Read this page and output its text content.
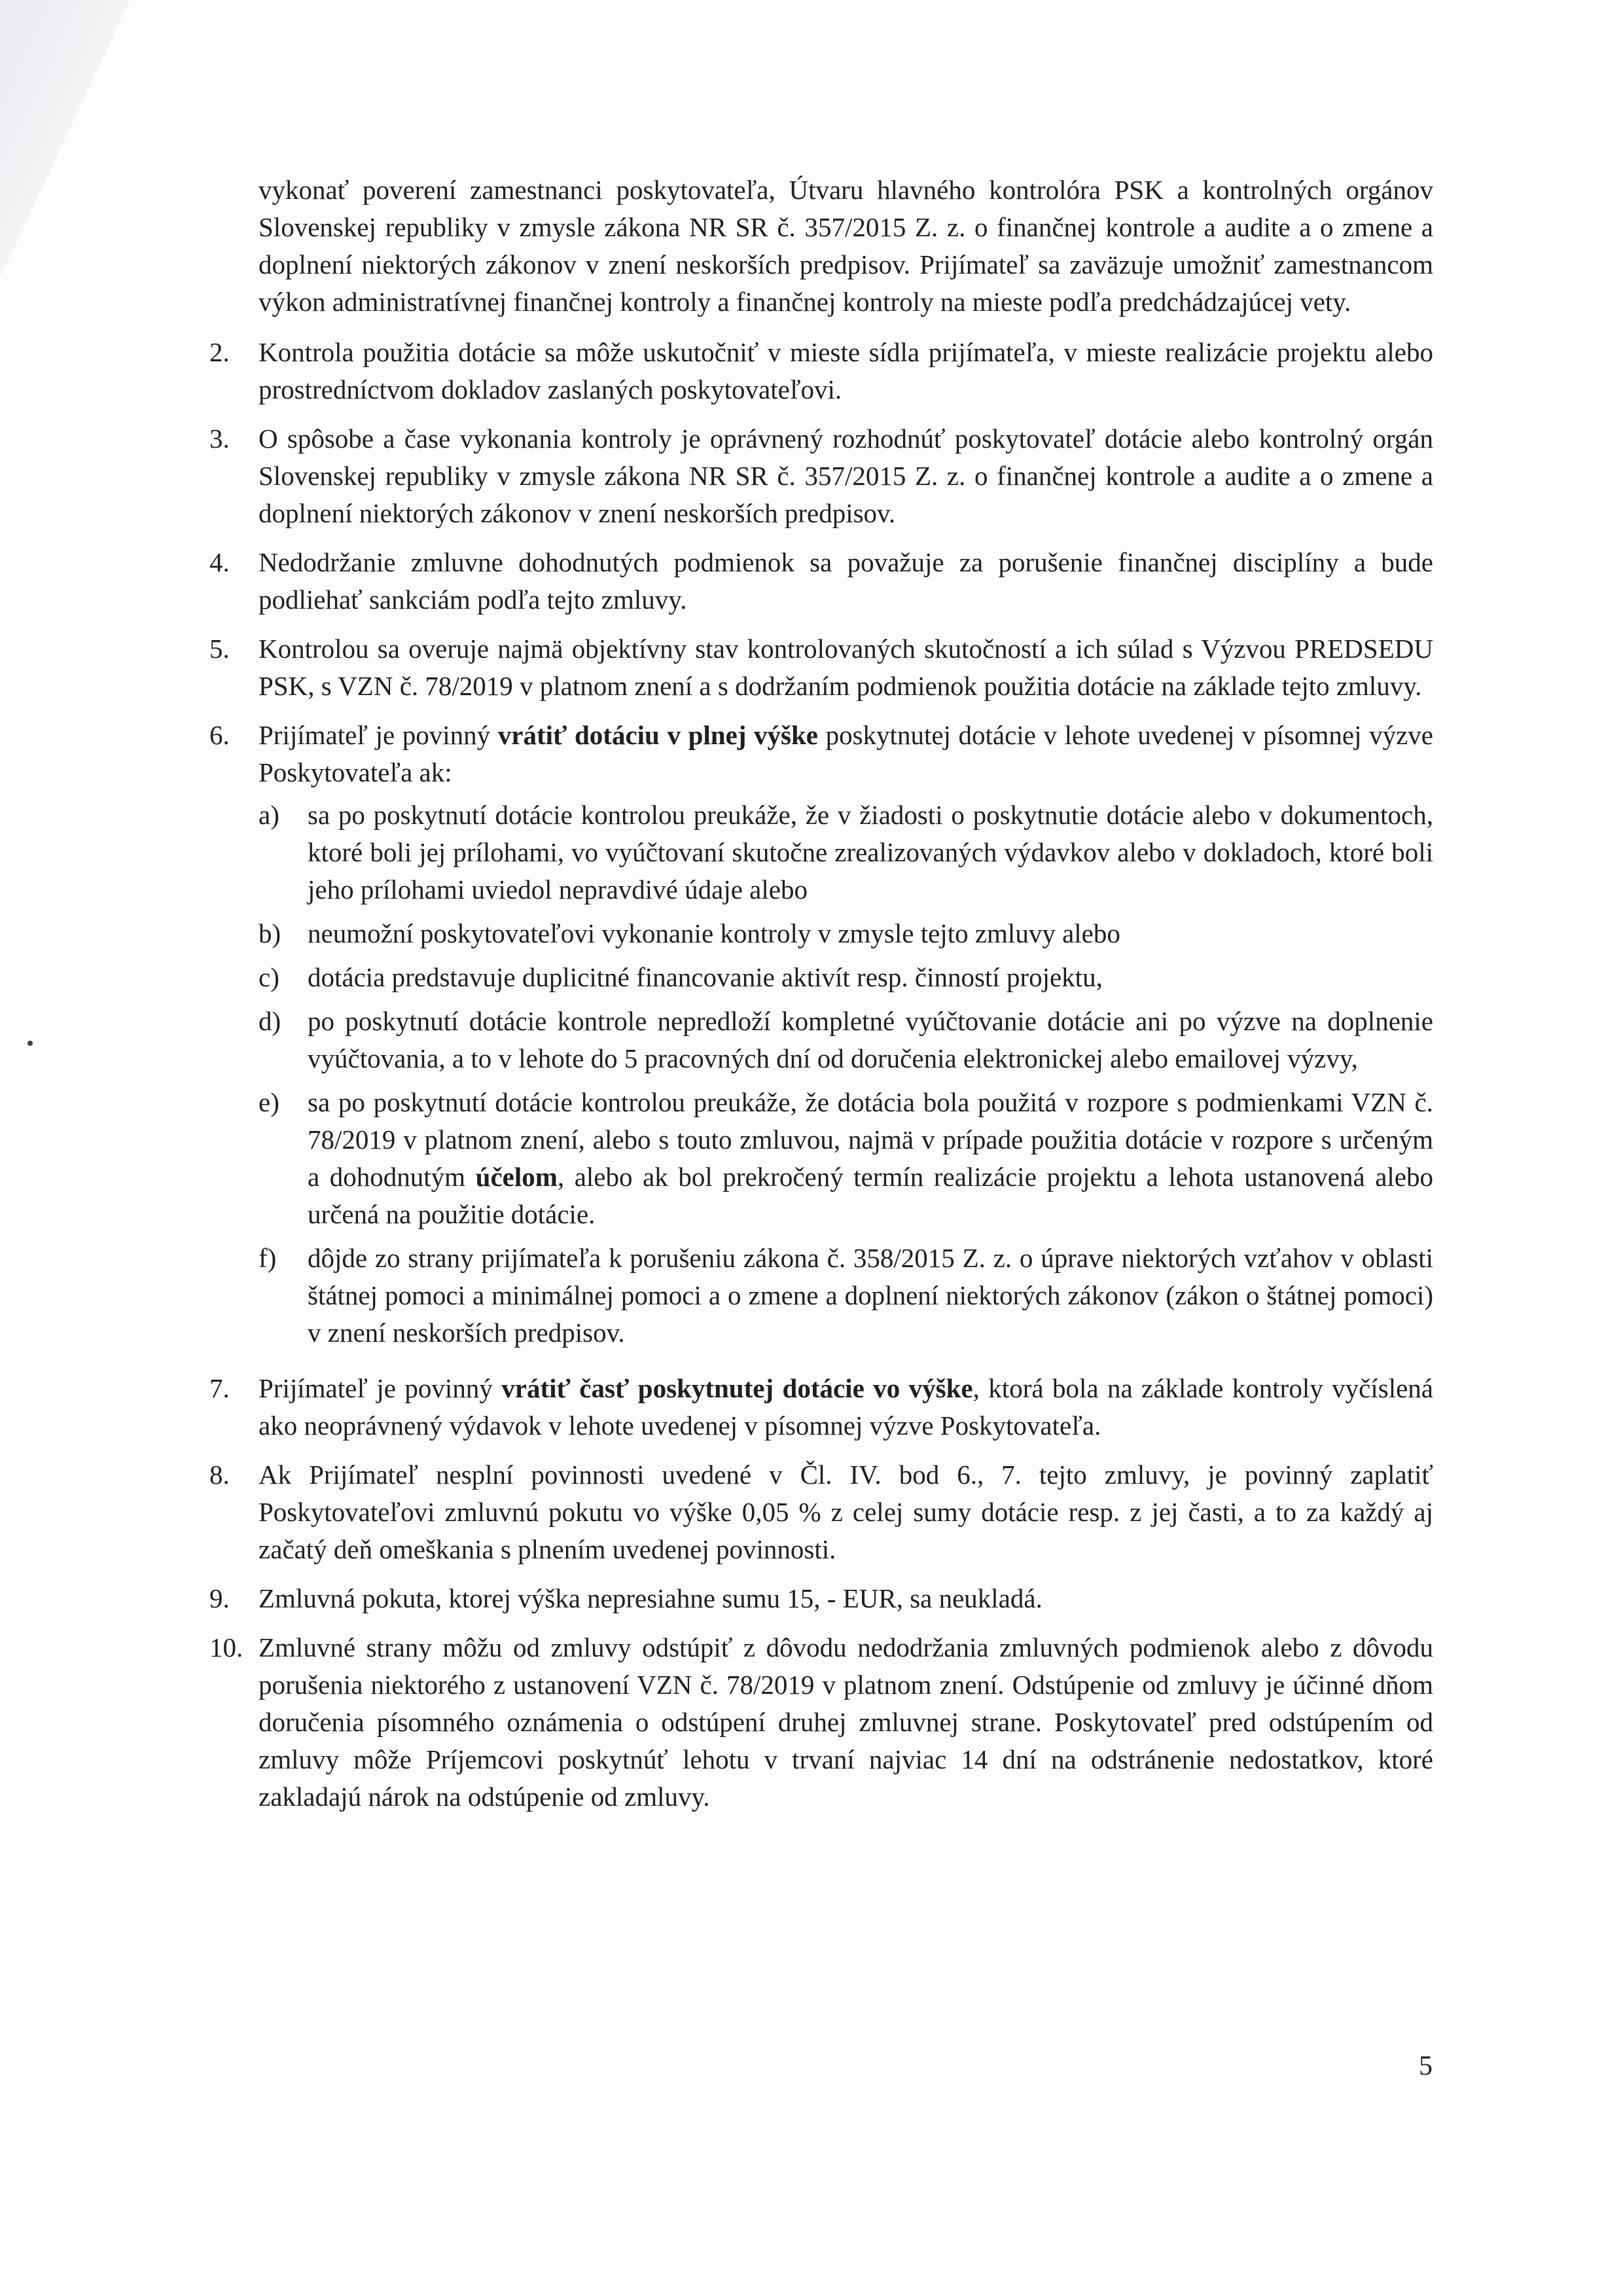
vykonať poverení zamestnanci poskytovateľa, Útvaru hlavného kontrolóra PSK a kontrolných orgánov Slovenskej republiky v zmysle zákona NR SR č. 357/2015 Z. z. o finančnej kontrole a audite a o zmene a doplnení niektorých zákonov v znení neskorších predpisov. Prijímateľ sa zaväzuje umožniť zamestnancom výkon administratívnej finančnej kontroly a finančnej kontroly na mieste podľa predchádzajúcej vety.

2.	Kontrola použitia dotácie sa môže uskutočniť v mieste sídla prijímateľa, v mieste realizácie projektu alebo prostredníctvom dokladov zaslaných poskytovateľovi.
3.	O spôsobe a čase vykonania kontroly je oprávnený rozhodnúť poskytovateľ dotácie alebo kontrolný orgán Slovenskej republiky v zmysle zákona NR SR č. 357/2015 Z. z. o finančnej kontrole a audite a o zmene a doplnení niektorých zákonov v znení neskorších predpisov.
4.	Nedodržanie zmluvne dohodnutých podmienok sa považuje za porušenie finančnej disciplíny a bude podliehať sankciám podľa tejto zmluvy.
5.	Kontrolou sa overuje najmä objektívny stav kontrolovaných skutočností a ich súlad s Výzvou PREDSEDU PSK, s VZN č. 78/2019 v platnom znení a s dodržaním podmienok použitia dotácie na základe tejto zmluvy.
6.	Prijímateľ je povinný vrátiť dotáciu v plnej výške poskytnutej dotácie v lehote uvedenej v písomnej výzve Poskytovateľa ak:
a)	sa po poskytnutí dotácie kontrolou preukáže, že v žiadosti o poskytnutie dotácie alebo v dokumentoch, ktoré boli jej prílohami, vo vyúčtovaní skutočne zrealizovaných výdavkov alebo v dokladoch, ktoré boli jeho prílohami uviedol nepravdivé údaje alebo
b) neumožní poskytovateľovi vykonanie kontroly v zmysle tejto zmluvy alebo
c)	dotácia predstavuje duplicitné financovanie aktivít resp. činností projektu,
d) po poskytnutí dotácie kontrole nepredloží kompletné vyúčtovanie dotácie ani po výzve na doplnenie vyúčtovania, a to v lehote do 5 pracovných dní od doručenia elektronickej alebo emailovej výzvy,
e)	sa po poskytnutí dotácie kontrolou preukáže, že dotácia bola použitá v rozpore s podmienkami VZN č. 78/2019 v platnom znení, alebo s touto zmluvou, najmä v prípade použitia dotácie v rozpore s určeným a dohodnutým účelom, alebo ak bol prekročený termín realizácie projektu a lehota ustanovená alebo určená na použitie dotácie.
f)	dôjde zo strany prijímateľa k porušeniu zákona č. 358/2015 Z. z. o úprave niektorých vzťahov v oblasti štátnej pomoci a minimálnej pomoci a o zmene a doplnení niektorých zákonov (zákon o štátnej pomoci) v znení neskorších predpisov.
7.	Prijímateľ je povinný vrátiť časť poskytnutej dotácie vo výške, ktorá bola na základe kontroly vyčíslená ako neoprávnený výdavok v lehote uvedenej v písomnej výzve Poskytovateľa.
8.	Ak Prijímateľ nesplní povinnosti uvedené v Čl. IV. bod 6., 7. tejto zmluvy, je povinný zaplatiť Poskytovateľovi zmluvnú pokutu vo výške 0,05 % z celej sumy dotácie resp. z jej časti, a to za každý aj začatý deň omeškania s plnením uvedenej povinnosti.
9.	Zmluvná pokuta, ktorej výška nepresiahne sumu 15, - EUR, sa neukladá.
10. Zmluvné strany môžu od zmluvy odstúpiť z dôvodu nedodržania zmluvných podmienok alebo z dôvodu porušenia niektorého z ustanovení VZN č. 78/2019 v platnom znení. Odstúpenie od zmluvy je účinné dňom doručenia písomného oznámenia o odstúpení druhej zmluvnej strane. Poskytovateľ pred odstúpením od zmluvy môže Príjemcovi poskytnúť lehotu v trvaní najviac 14 dní na odstránenie nedostatkov, ktoré zakladajú nárok na odstúpenie od zmluvy.
5
